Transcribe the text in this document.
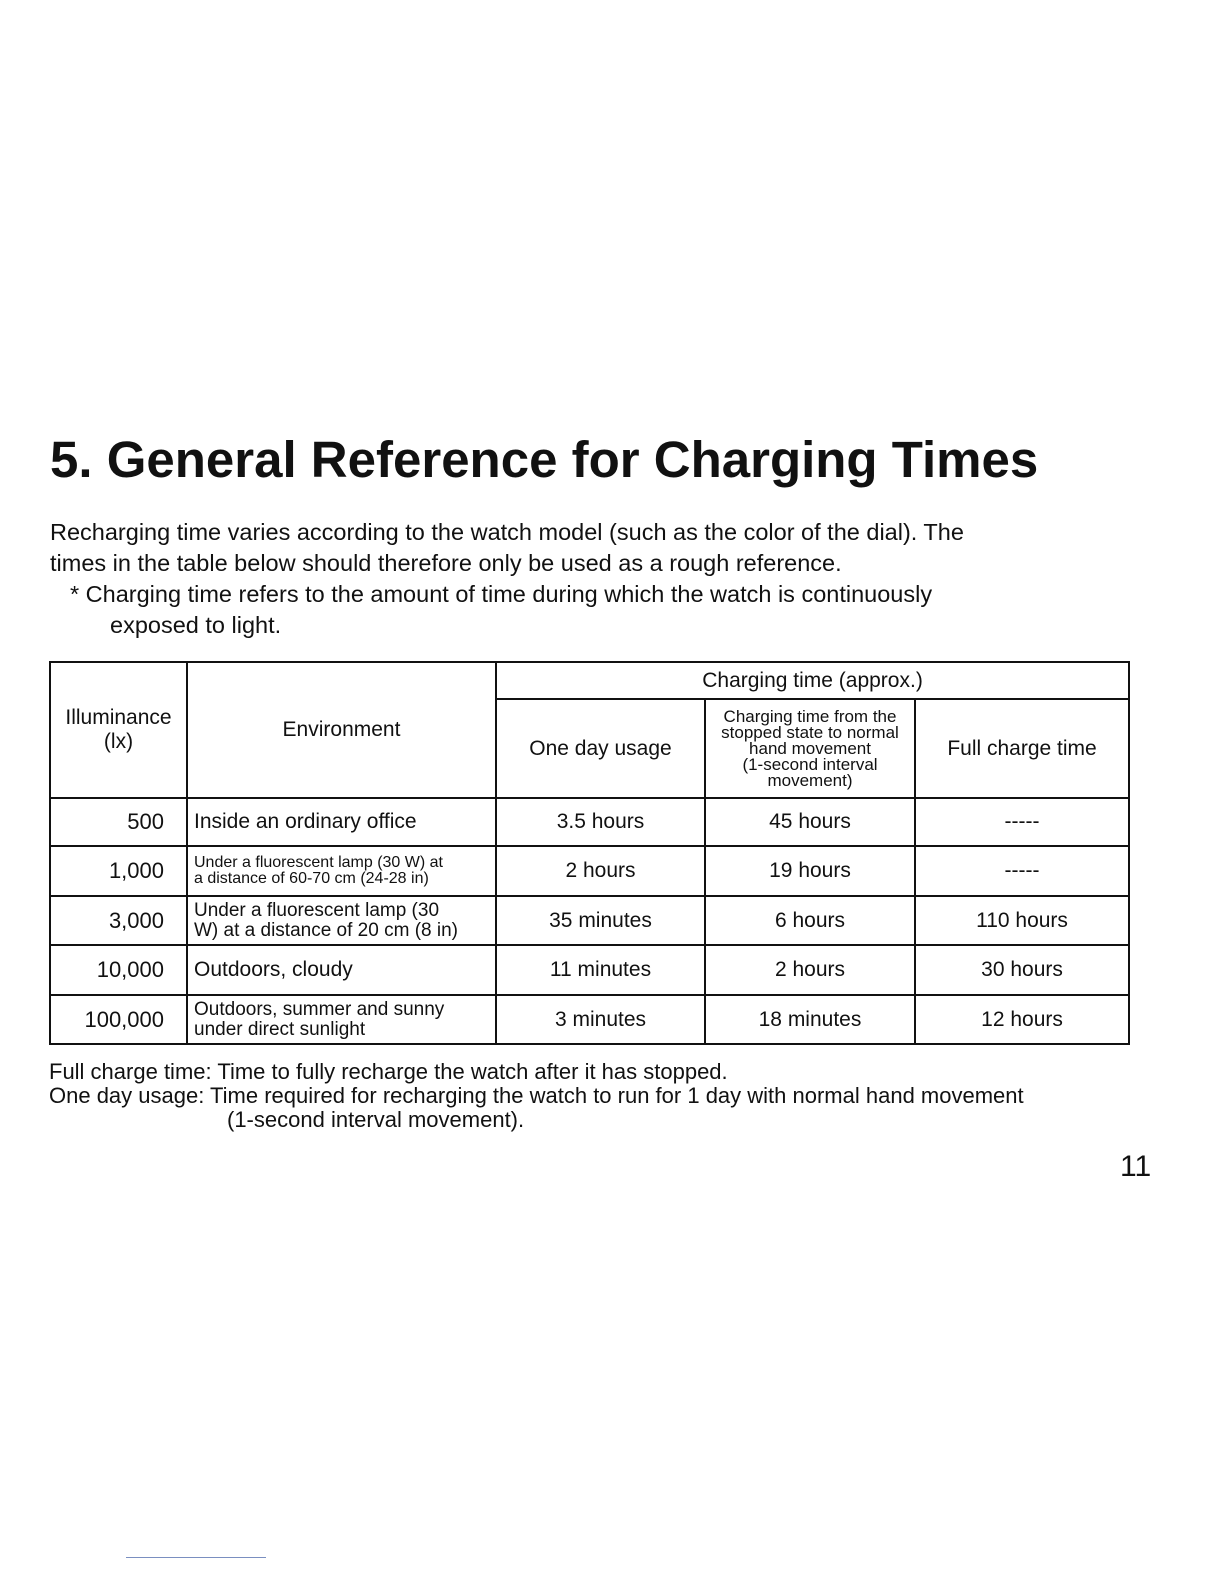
5. General Reference for Charging Times

Recharging time varies according to the watch model (such as the color of the dial). The

times in the table below should therefore only be used as a rough reference.

* Charging time refers to the amount of time during which the watch is continuously
exposed to light.

Illuminance
(lx)	Environment	Charging time (approx.)		
		One day usage	Charging time from the
stopped state to normal
hand movement
(1-second interval
movement)	Full charge time
500	Inside an ordinary office	3.5 hours	45 hours	-----
1,000	Under a fluorescent lamp (30 W) at
a distance of 60-70 cm (24-28 in)	2 hours	19 hours	-----
3,000	Under a fluorescent lamp (30
W) at a distance of 20 cm (8 in)	35 minutes	6 hours	110 hours
10,000	Outdoors, cloudy	11 minutes	2 hours	30 hours
100,000	Outdoors, summer and sunny
under direct sunlight	3 minutes	18 minutes	12 hours

Full charge time: Time to fully recharge the watch after it has stopped.

One day usage: Time required for recharging the watch to run for 1 day with normal hand movement

(1-second interval movement).

11
